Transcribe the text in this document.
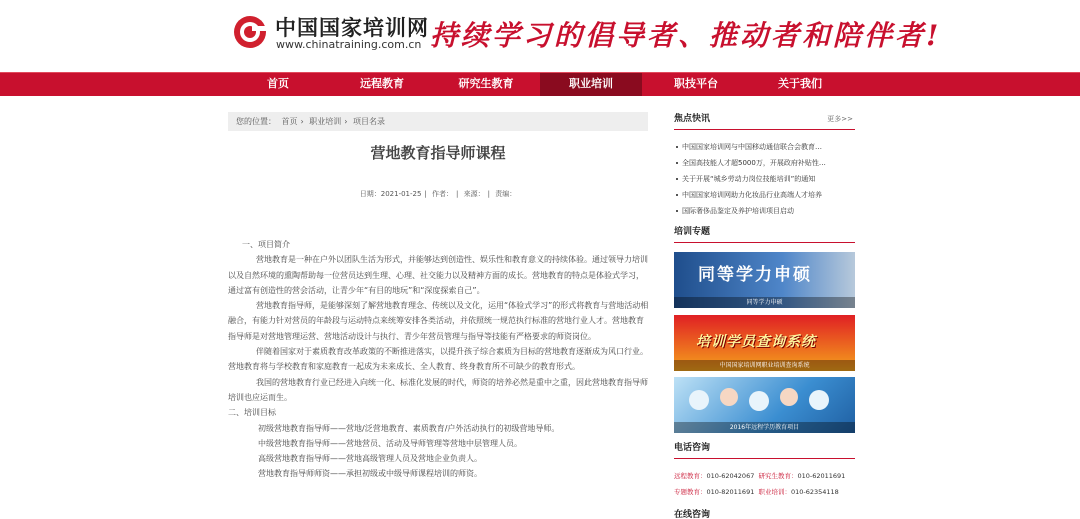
中国国家培训网
www.chinatraining.com.cn 持续学习的倡导者、推动者和陪伴者!
首页	远程教育	研究生教育	职业培训	职技平台	关于我们
您的位置： 首页 › 职业培训 › 项目名录
营地教育指导师课程
日期：2021-01-25 | 作者： | 来源： | 责编：

一、项目简介

营地教育是一种在户外以团队生活为形式，并能够达到创造性、娱乐性和教育意义的持续体验。通过领导力培训以及自然环境的熏陶帮助每一位营员达到生理、心理、社交能力以及精神方面的成长。营地教育的特点是体验式学习，通过富有创造性的营会活动，让青少年“有目的地玩”和“深度探索自己”。

营地教育指导师，是能够深刻了解营地教育理念、传统以及文化，运用“体验式学习”的形式将教育与营地活动相融合，有能力针对营员的年龄段与运动特点来统筹安排各类活动，并依照统一规范执行标准的营地行业人才。营地教育指导师是对营地管理运营、营地活动设计与执行、青少年营员管理与指导等技能有严格要求的师资岗位。

伴随着国家对于素质教育改革政策的不断推进落实，以提升孩子综合素质为目标的营地教育逐渐成为风口行业。营地教育将与学校教育和家庭教育一起成为未来成长、全人教育、终身教育所不可缺少的教育形式。

我国的营地教育行业已经进入向统一化、标准化发展的时代，师资的培养必然是重中之重，因此营地教育指导师培训也应运而生。

二、培训目标

初级营地教育指导师——营地/泛营地教育、素质教育/户外活动执行的初级营地导师。

中级营地教育指导师——营地营员、活动及导师管理等营地中层管理人员。

高级营地教育指导师——营地高级管理人员及营地企业负责人。

营地教育指导师师资——承担初级或中级导师课程培训的师资。

焦点快讯	更多>>
中国国家培训网与中国移动通信联合会教育…
全国高技能人才超5000万，开展政府补贴性…
关于开展“城乡劳动力岗位技能培训”的通知
中国国家培训网助力化妆品行业高端人才培养
国际奢侈品鉴定及养护培训项目启动
培训专题
同等学力申硕
同等学力申硕
培训学员查询系统
中国国家培训网职业培训查询系统
2016年远程学历教育项目
电话咨询
远程教育：010-62042067 研究生教育：010-62011691
专题教育：010-82011691 职业培训：010-62354118
在线咨询
